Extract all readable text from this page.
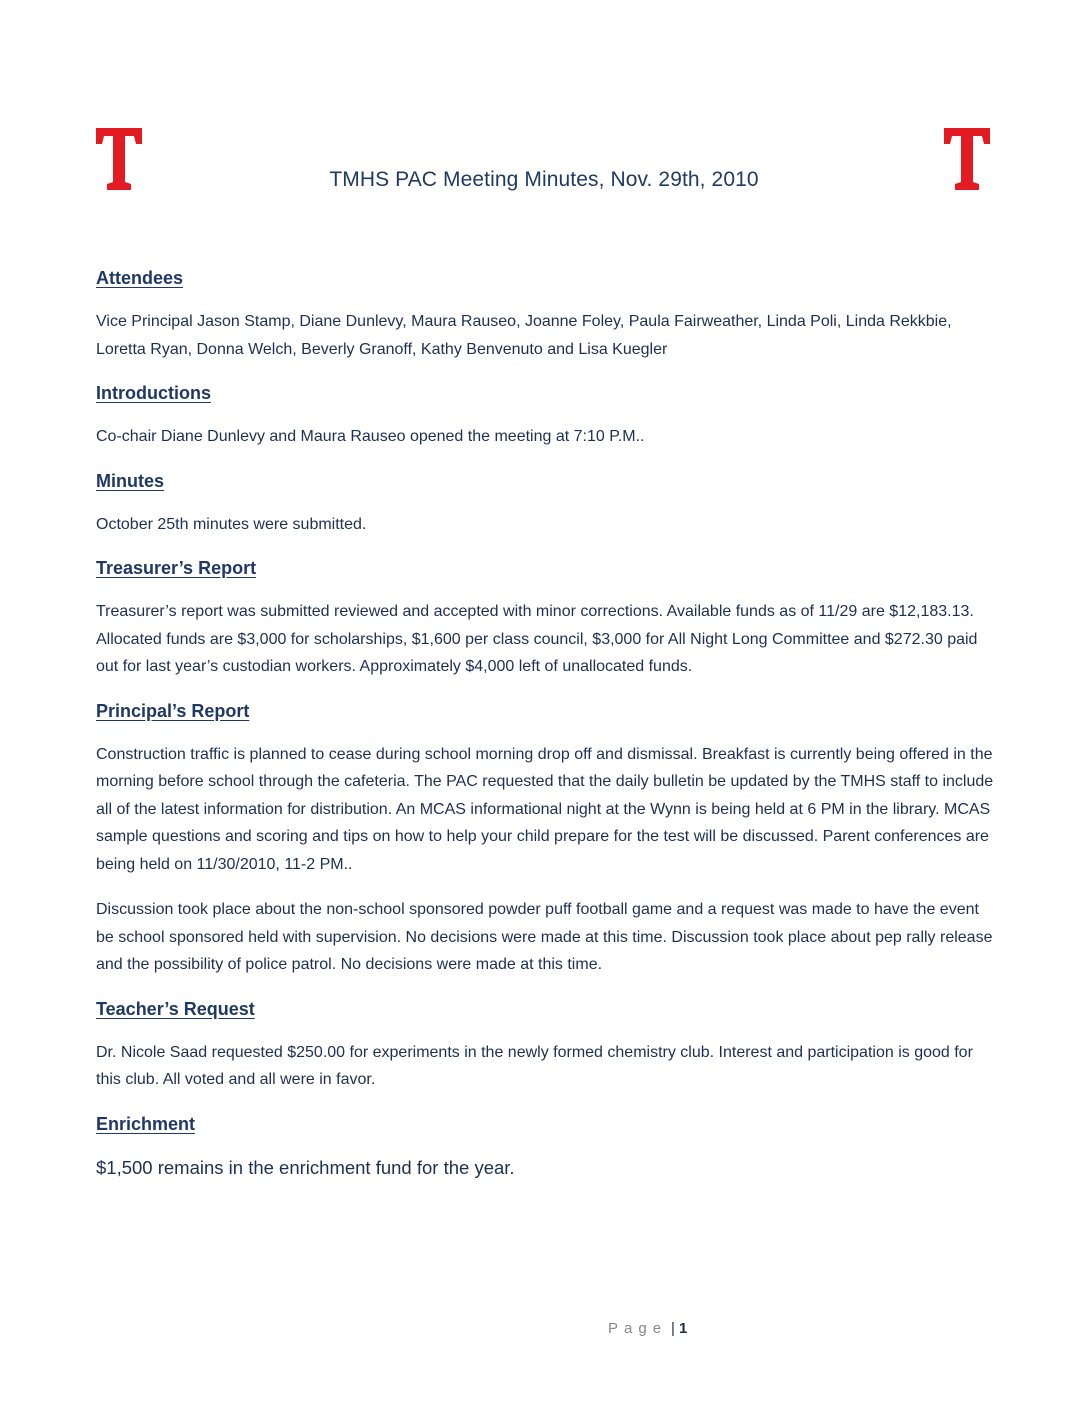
TMHS PAC Meeting Minutes, Nov. 29th, 2010
Attendees

Vice Principal Jason Stamp, Diane Dunlevy, Maura Rauseo, Joanne Foley, Paula Fairweather, Linda Poli, Linda Rekkbie, Loretta Ryan, Donna Welch, Beverly Granoff, Kathy Benvenuto and Lisa Kuegler

Introductions

Co-chair Diane Dunlevy and Maura Rauseo opened the meeting at 7:10 P.M..

Minutes

October 25th minutes were submitted.

Treasurer’s Report

Treasurer’s report was submitted reviewed and accepted with minor corrections. Available funds as of 11/29 are $12,183.13. Allocated funds are $3,000 for scholarships, $1,600 per class council, $3,000 for All Night Long Committee and $272.30 paid out for last year’s custodian workers. Approximately $4,000 left of unallocated funds.

Principal’s Report

Construction traffic is planned to cease during school morning drop off and dismissal. Breakfast is currently being offered in the morning before school through the cafeteria. The PAC requested that the daily bulletin be updated by the TMHS staff to include all of the latest information for distribution. An MCAS informational night at the Wynn is being held at 6 PM in the library. MCAS sample questions and scoring and tips on how to help your child prepare for the test will be discussed. Parent conferences are being held on 11/30/2010, 11-2 PM..

Discussion took place about the non-school sponsored powder puff football game and a request was made to have the event be school sponsored held with supervision. No decisions were made at this time. Discussion took place about pep rally release and the possibility of police patrol. No decisions were made at this time.

Teacher’s Request

Dr. Nicole Saad requested $250.00 for experiments in the newly formed chemistry club. Interest and participation is good for this club. All voted and all were in favor.

Enrichment

$1,500 remains in the enrichment fund for the year.

Page | 1
